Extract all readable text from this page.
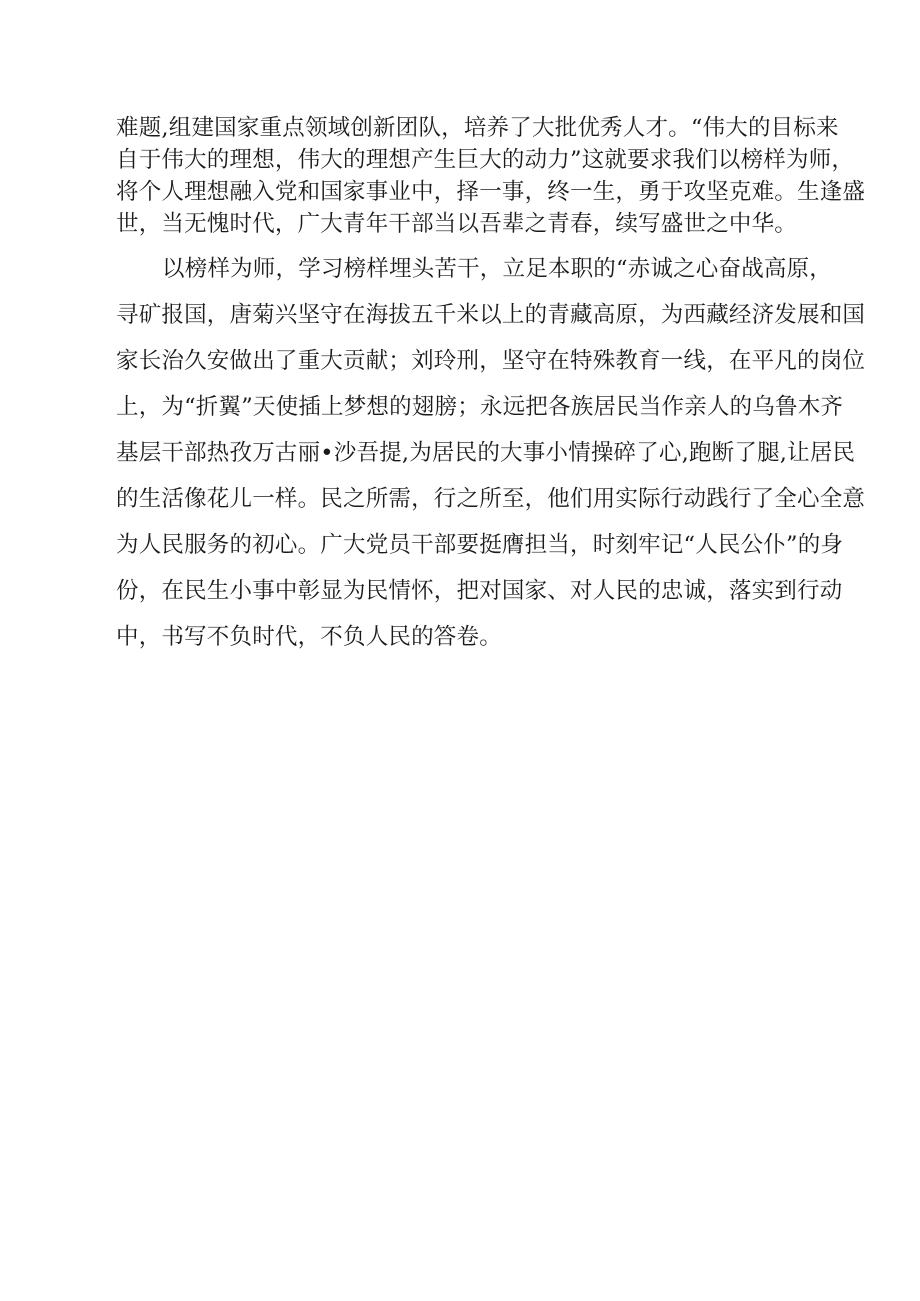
难题,组建国家重点领域创新团队，培养了大批优秀人才。“伟大的目标来
自于伟大的理想，伟大的理想产生巨大的动力”这就要求我们以榜样为师，
将个人理想融入党和国家事业中，择一事，终一生，勇于攻坚克难。生逢盛
世，当无愧时代，广大青年干部当以吾辈之青春，续写盛世之中华。
以榜样为师，学习榜样埋头苦干，立足本职的“赤诚之心奋战高原，
寻矿报国，唐菊兴坚守在海拔五千米以上的青藏高原，为西藏经济发展和国
家长治久安做出了重大贡献；刘玲刑，坚守在特殊教育一线，在平凡的岗位
上，为“折翼”天使插上梦想的翅膀；永远把各族居民当作亲人的乌鲁木齐
基层干部热孜万古丽•沙吾提,为居民的大事小情操碎了心,跑断了腿,让居民
的生活像花儿一样。民之所需，行之所至，他们用实际行动践行了全心全意
为人民服务的初心。广大党员干部要挺膺担当，时刻牢记“人民公仆”的身
份，在民生小事中彰显为民情怀，把对国家、对人民的忠诚，落实到行动
中，书写不负时代，不负人民的答卷。
